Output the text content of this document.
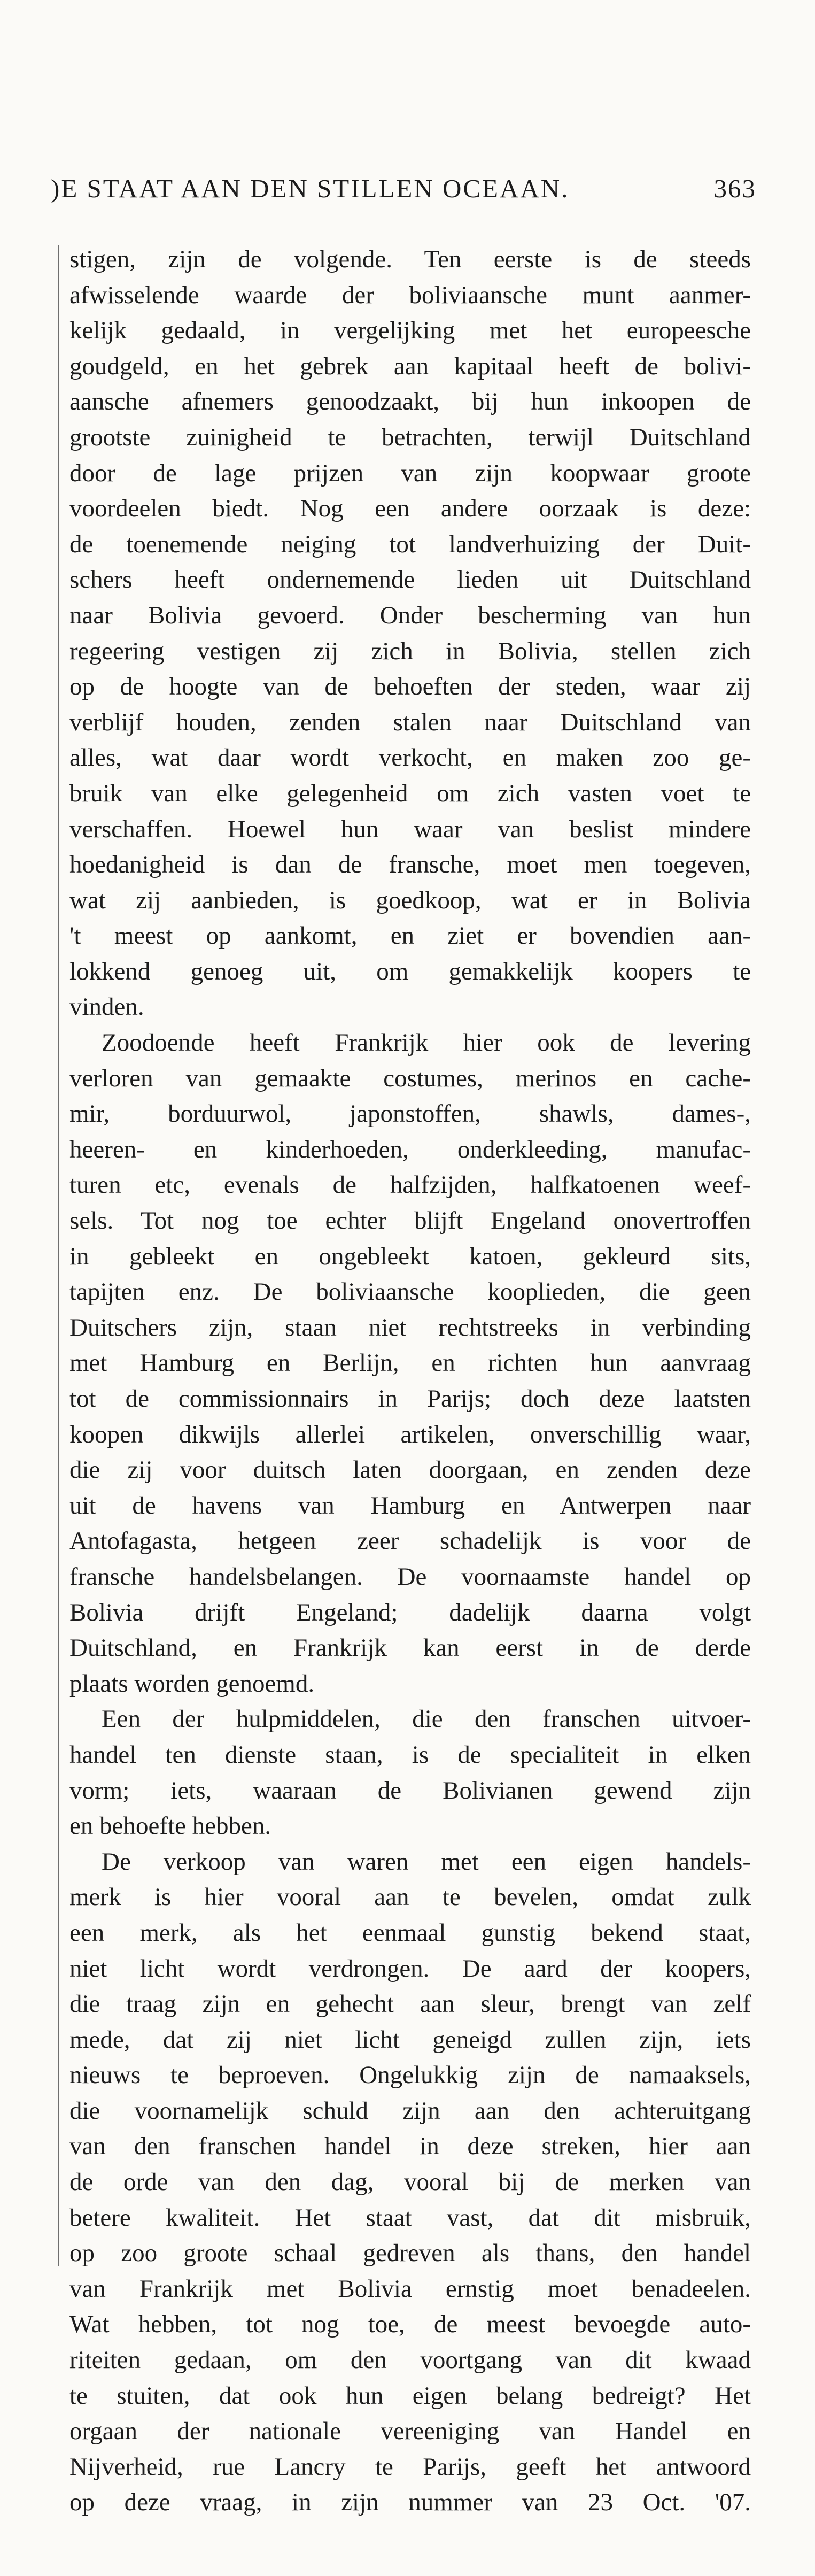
)E STAAT AAN DEN STILLEN OCEAAN.	363
stigen, zijn de volgende. Ten eerste is de steeds
afwisselende waarde der boliviaansche munt aanmer-
kelijk gedaald, in vergelijking met het europeesche
goudgeld, en het gebrek aan kapitaal heeft de bolivi-
aansche afnemers genoodzaakt, bij hun inkoopen de
grootste zuinigheid te betrachten, terwijl Duitschland
door de lage prijzen van zijn koopwaar groote
voordeelen biedt. Nog een andere oorzaak is deze:
de toenemende neiging tot landverhuizing der Duit-
schers heeft ondernemende lieden uit Duitschland
naar Bolivia gevoerd. Onder bescherming van hun
regeering vestigen zij zich in Bolivia, stellen zich
op de hoogte van de behoeften der steden, waar zij
verblijf houden, zenden stalen naar Duitschland van
alles, wat daar wordt verkocht, en maken zoo ge-
bruik van elke gelegenheid om zich vasten voet te
verschaffen. Hoewel hun waar van beslist mindere
hoedanigheid is dan de fransche, moet men toegeven,
wat zij aanbieden, is goedkoop, wat er in Bolivia
't meest op aankomt, en ziet er bovendien aan-
lokkend genoeg uit, om gemakkelijk koopers te
vinden.
Zoodoende heeft Frankrijk hier ook de levering
verloren van gemaakte costumes, merinos en cache-
mir, borduurwol, japonstoffen, shawls, dames-,
heeren- en kinderhoeden, onderkleeding, manufac-
turen etc, evenals de halfzijden, halfkatoenen weef-
sels. Tot nog toe echter blijft Engeland onovertroffen
in gebleekt en ongebleekt katoen, gekleurd sits,
tapijten enz. De boliviaansche kooplieden, die geen
Duitschers zijn, staan niet rechtstreeks in verbinding
met Hamburg en Berlijn, en richten hun aanvraag
tot de commissionnairs in Parijs; doch deze laatsten
koopen dikwijls allerlei artikelen, onverschillig waar,
die zij voor duitsch laten doorgaan, en zenden deze
uit de havens van Hamburg en Antwerpen naar
Antofagasta, hetgeen zeer schadelijk is voor de
fransche handelsbelangen. De voornaamste handel op
Bolivia drijft Engeland; dadelijk daarna volgt
Duitschland, en Frankrijk kan eerst in de derde
plaats worden genoemd.
Een der hulpmiddelen, die den franschen uitvoer-
handel ten dienste staan, is de specialiteit in elken
vorm; iets, waaraan de Bolivianen gewend zijn
en behoefte hebben.
De verkoop van waren met een eigen handels-
merk is hier vooral aan te bevelen, omdat zulk
een merk, als het eenmaal gunstig bekend staat,
niet licht wordt verdrongen. De aard der koopers,
die traag zijn en gehecht aan sleur, brengt van zelf
mede, dat zij niet licht geneigd zullen zijn, iets
nieuws te beproeven. Ongelukkig zijn de namaaksels,
die voornamelijk schuld zijn aan den achteruitgang
van den franschen handel in deze streken, hier aan
de orde van den dag, vooral bij de merken van
betere kwaliteit. Het staat vast, dat dit misbruik,
op zoo groote schaal gedreven als thans, den handel
van Frankrijk met Bolivia ernstig moet benadeelen.
Wat hebben, tot nog toe, de meest bevoegde auto-
riteiten gedaan, om den voortgang van dit kwaad
te stuiten, dat ook hun eigen belang bedreigt? Het
orgaan der nationale vereeniging van Handel en
Nijverheid, rue Lancry te Parijs, geeft het antwoord
op deze vraag, in zijn nummer van 23 Oct. '07.
